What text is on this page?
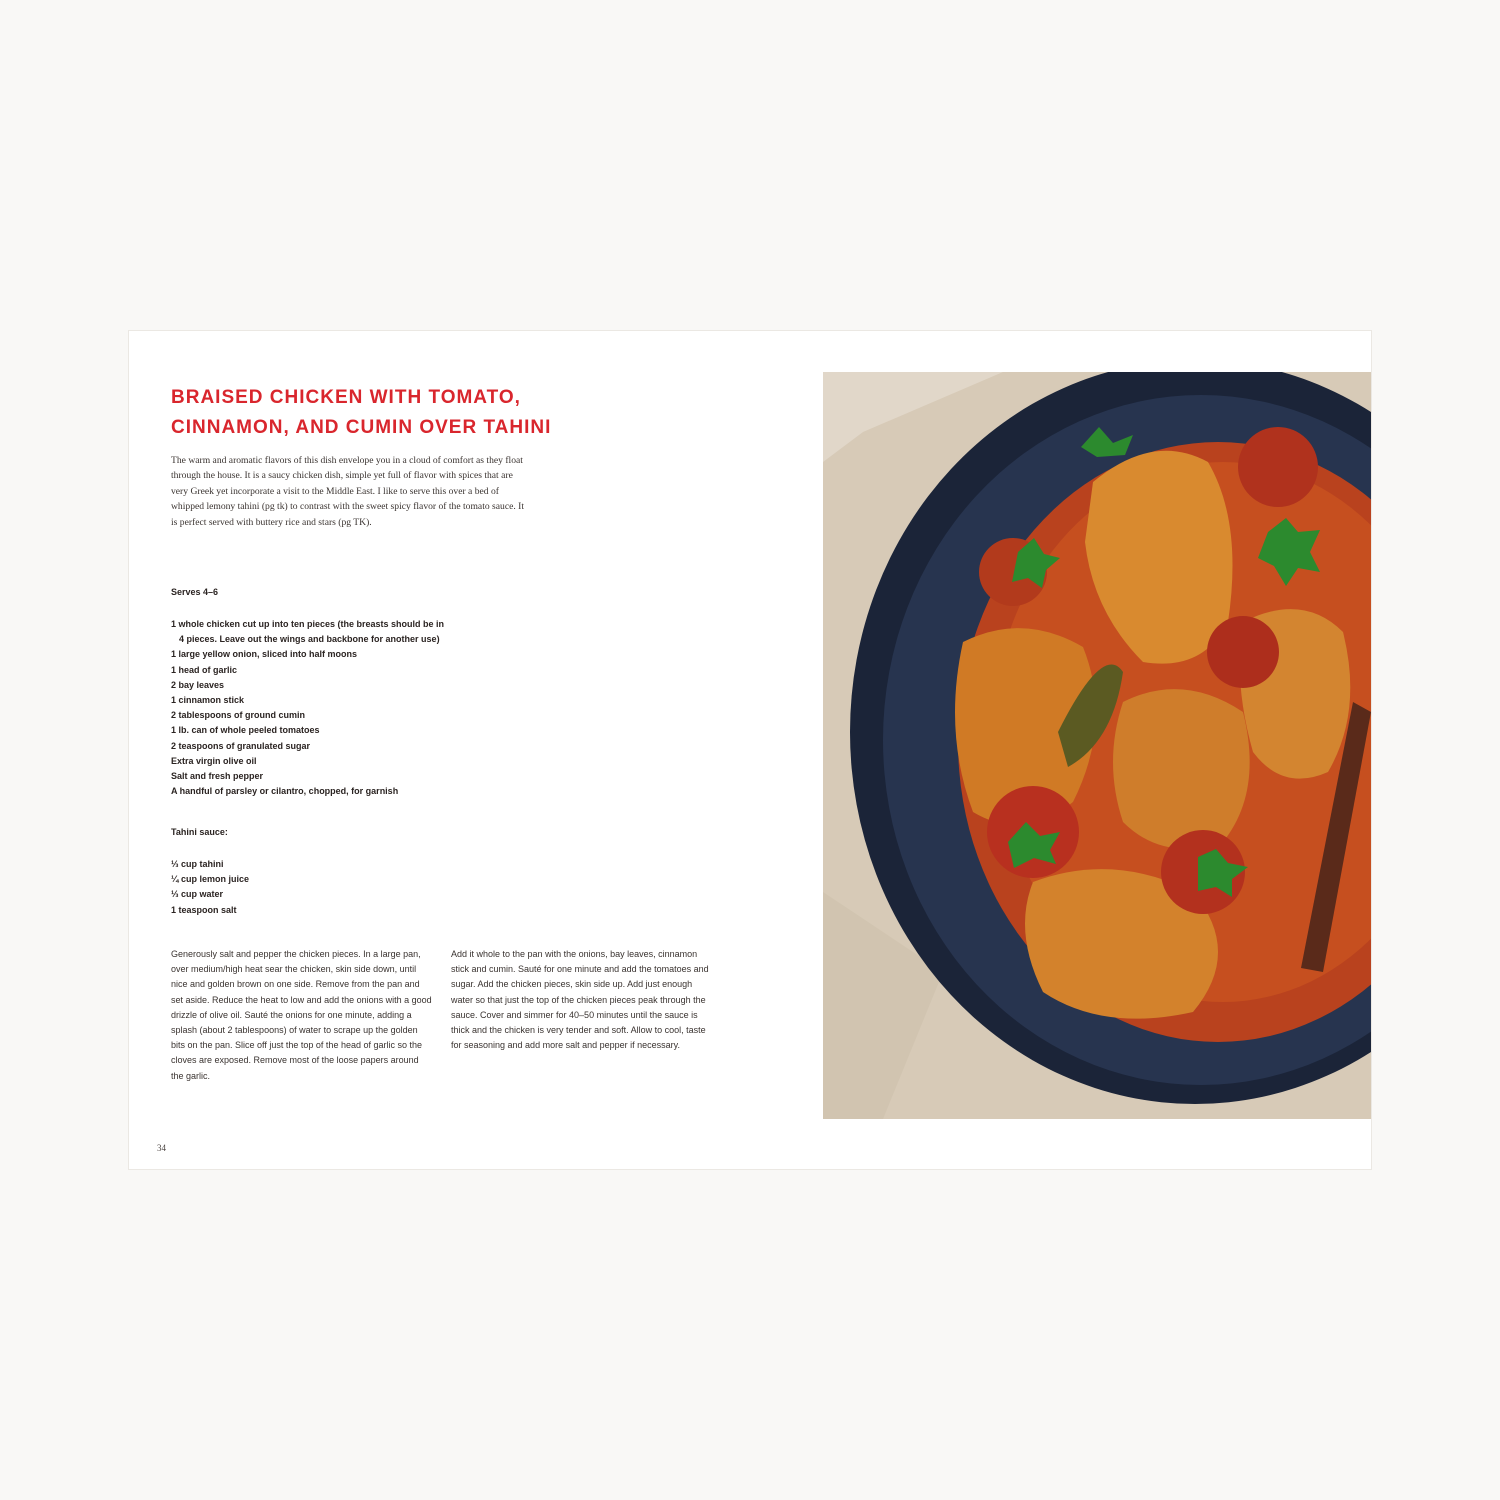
BRAISED CHICKEN WITH TOMATO,
CINNAMON, AND CUMIN OVER TAHINI

The warm and aromatic flavors of this dish envelope you in a cloud of comfort as they float through the house. It is a saucy chicken dish, simple yet full of flavor with spices that are very Greek yet incorporate a visit to the Middle East. I like to serve this over a bed of whipped lemony tahini (pg tk) to contrast with the sweet spicy flavor of the tomato sauce. It is perfect served with buttery rice and stars (pg TK).

Serves 4–6
1 whole chicken cut up into ten pieces (the breasts should be in 4 pieces. Leave out the wings and backbone for another use)
1 large yellow onion, sliced into half moons
1 head of garlic
2 bay leaves
1 cinnamon stick
2 tablespoons of ground cumin
1 lb. can of whole peeled tomatoes
2 teaspoons of granulated sugar
Extra virgin olive oil
Salt and fresh pepper
A handful of parsley or cilantro, chopped, for garnish
Tahini sauce:
⅓ cup tahini
¼ cup lemon juice
⅓ cup water
1 teaspoon salt

Generously salt and pepper the chicken pieces. In a large pan, over medium/high heat sear the chicken, skin side down, until nice and golden brown on one side. Remove from the pan and set aside. Reduce the heat to low and add the onions with a good drizzle of olive oil. Sauté the onions for one minute, adding a splash (about 2 tablespoons) of water to scrape up the golden bits on the pan. Slice off just the top of the head of garlic so the cloves are exposed. Remove most of the loose papers around the garlic.

Add it whole to the pan with the onions, bay leaves, cinnamon stick and cumin. Sauté for one minute and add the tomatoes and sugar. Add the chicken pieces, skin side up. Add just enough water so that just the top of the chicken pieces peak through the sauce. Cover and simmer for 40–50 minutes until the sauce is thick and the chicken is very tender and soft. Allow to cool, taste for seasoning and add more salt and pepper if necessary.

34
